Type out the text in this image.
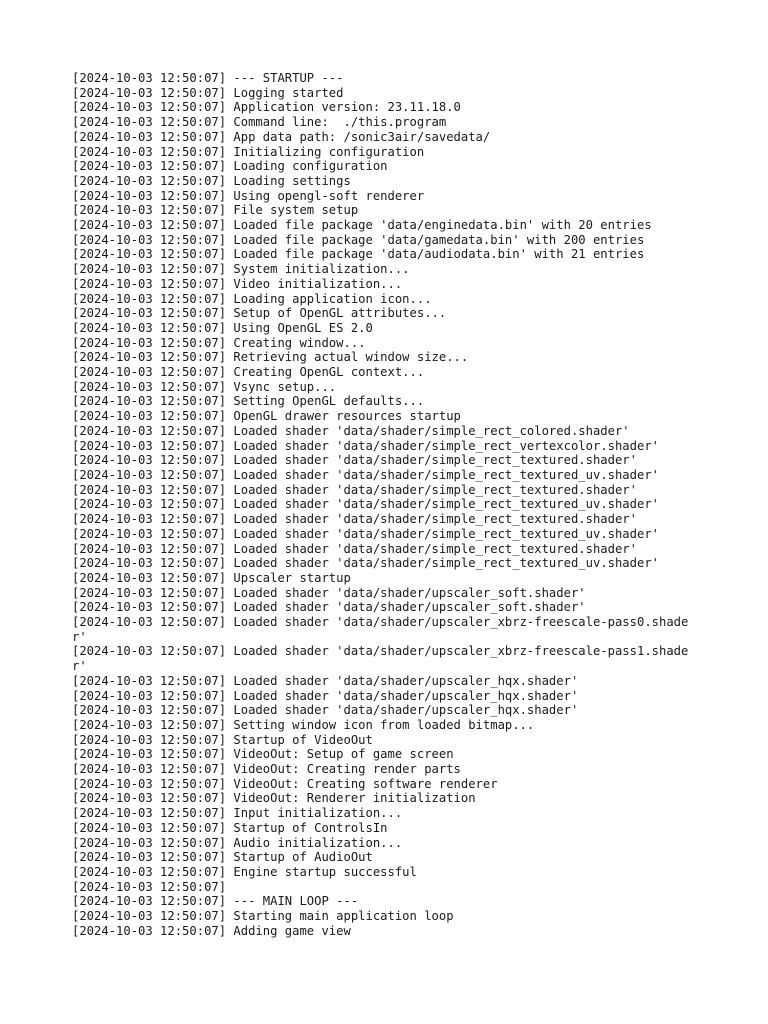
[2024-10-03 12:50:07] --- STARTUP ---
[2024-10-03 12:50:07] Logging started
[2024-10-03 12:50:07] Application version: 23.11.18.0
[2024-10-03 12:50:07] Command line:  ./this.program
[2024-10-03 12:50:07] App data path: /sonic3air/savedata/
[2024-10-03 12:50:07] Initializing configuration
[2024-10-03 12:50:07] Loading configuration
[2024-10-03 12:50:07] Loading settings
[2024-10-03 12:50:07] Using opengl-soft renderer
[2024-10-03 12:50:07] File system setup
[2024-10-03 12:50:07] Loaded file package 'data/enginedata.bin' with 20 entries
[2024-10-03 12:50:07] Loaded file package 'data/gamedata.bin' with 200 entries
[2024-10-03 12:50:07] Loaded file package 'data/audiodata.bin' with 21 entries
[2024-10-03 12:50:07] System initialization...
[2024-10-03 12:50:07] Video initialization...
[2024-10-03 12:50:07] Loading application icon...
[2024-10-03 12:50:07] Setup of OpenGL attributes...
[2024-10-03 12:50:07] Using OpenGL ES 2.0
[2024-10-03 12:50:07] Creating window...
[2024-10-03 12:50:07] Retrieving actual window size...
[2024-10-03 12:50:07] Creating OpenGL context...
[2024-10-03 12:50:07] Vsync setup...
[2024-10-03 12:50:07] Setting OpenGL defaults...
[2024-10-03 12:50:07] OpenGL drawer resources startup
[2024-10-03 12:50:07] Loaded shader 'data/shader/simple_rect_colored.shader'
[2024-10-03 12:50:07] Loaded shader 'data/shader/simple_rect_vertexcolor.shader'
[2024-10-03 12:50:07] Loaded shader 'data/shader/simple_rect_textured.shader'
[2024-10-03 12:50:07] Loaded shader 'data/shader/simple_rect_textured_uv.shader'
[2024-10-03 12:50:07] Loaded shader 'data/shader/simple_rect_textured.shader'
[2024-10-03 12:50:07] Loaded shader 'data/shader/simple_rect_textured_uv.shader'
[2024-10-03 12:50:07] Loaded shader 'data/shader/simple_rect_textured.shader'
[2024-10-03 12:50:07] Loaded shader 'data/shader/simple_rect_textured_uv.shader'
[2024-10-03 12:50:07] Loaded shader 'data/shader/simple_rect_textured.shader'
[2024-10-03 12:50:07] Loaded shader 'data/shader/simple_rect_textured_uv.shader'
[2024-10-03 12:50:07] Upscaler startup
[2024-10-03 12:50:07] Loaded shader 'data/shader/upscaler_soft.shader'
[2024-10-03 12:50:07] Loaded shader 'data/shader/upscaler_soft.shader'
[2024-10-03 12:50:07] Loaded shader 'data/shader/upscaler_xbrz-freescale-pass0.shader'
[2024-10-03 12:50:07] Loaded shader 'data/shader/upscaler_xbrz-freescale-pass1.shader'
[2024-10-03 12:50:07] Loaded shader 'data/shader/upscaler_hqx.shader'
[2024-10-03 12:50:07] Loaded shader 'data/shader/upscaler_hqx.shader'
[2024-10-03 12:50:07] Loaded shader 'data/shader/upscaler_hqx.shader'
[2024-10-03 12:50:07] Setting window icon from loaded bitmap...
[2024-10-03 12:50:07] Startup of VideoOut
[2024-10-03 12:50:07] VideoOut: Setup of game screen
[2024-10-03 12:50:07] VideoOut: Creating render parts
[2024-10-03 12:50:07] VideoOut: Creating software renderer
[2024-10-03 12:50:07] VideoOut: Renderer initialization
[2024-10-03 12:50:07] Input initialization...
[2024-10-03 12:50:07] Startup of ControlsIn
[2024-10-03 12:50:07] Audio initialization...
[2024-10-03 12:50:07] Startup of AudioOut
[2024-10-03 12:50:07] Engine startup successful
[2024-10-03 12:50:07]
[2024-10-03 12:50:07] --- MAIN LOOP ---
[2024-10-03 12:50:07] Starting main application loop
[2024-10-03 12:50:07] Adding game view
